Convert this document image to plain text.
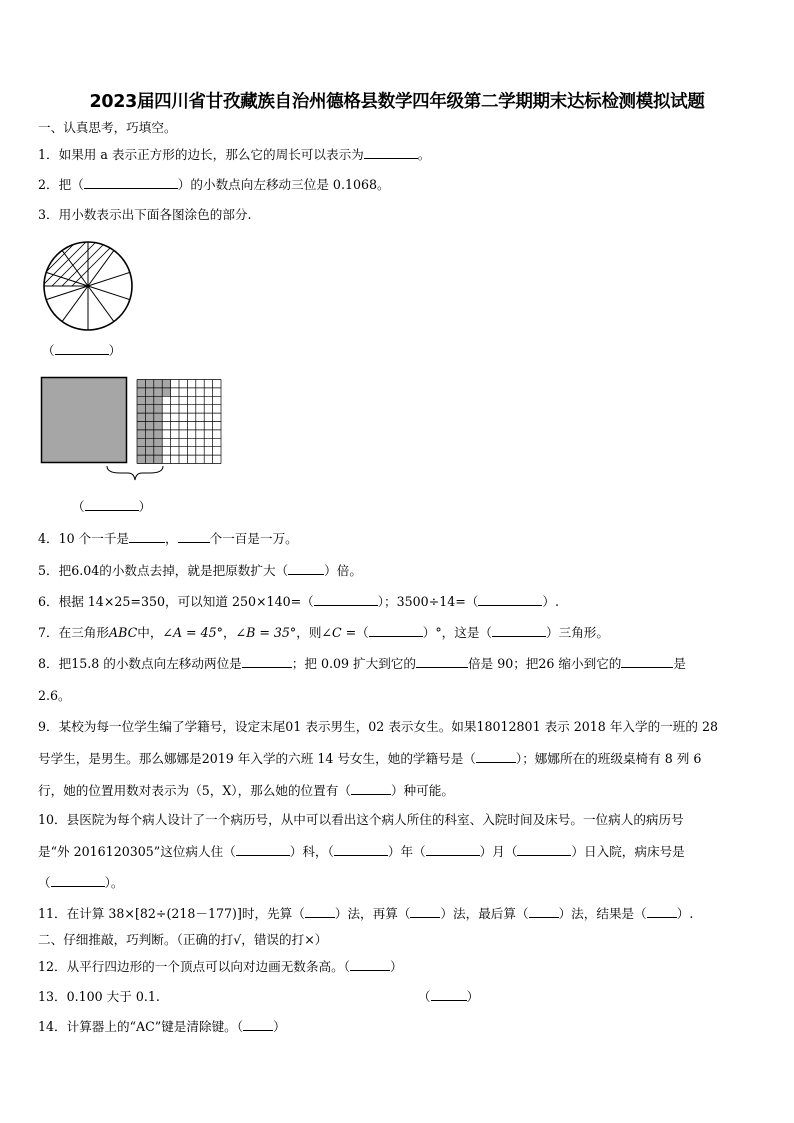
2023届四川省甘孜藏族自治州德格县数学四年级第二学期期末达标检测模拟试题
一、认真思考，巧填空。
1．如果用 a 表示正方形的边长，那么它的周长可以表示为	。
2．把（	）的小数点向左移动三位是 0.1068。
3．用小数表示出下面各图涂色的部分.
（	）
（	）
4．10 个一千是	，	个一百是一万。
5．把6.04的小数点去掉，就是把原数扩大（	）倍。
6．根据 14×25=350，可以知道 250×140=（	）；3500÷14=（	）.
7．在三角形ABC中，∠A = 45°，∠B = 35°，则∠C =（	）°，这是（	）三角形。
8．把15.8 的小数点向左移动两位是	；把 0.09 扩大到它的	倍是 90；把26 缩小到它的	是
2.6。
9．某校为每一位学生编了学籍号，设定末尾01 表示男生，02 表示女生。如果18012801 表示 2018 年入学的一班的 28
号学生，是男生。那么娜娜是2019 年入学的六班 14 号女生，她的学籍号是（	）；娜娜所在的班级桌椅有 8 列 6
行，她的位置用数对表示为（5，X），那么她的位置有（	）种可能。
10．县医院为每个病人设计了一个病历号，从中可以看出这个病人所住的科室、入院时间及床号。一位病人的病历号
是“外 2016120305”这位病人住（	）科，（	）年（	）月（	）日入院，病床号是
（	）。
11．在计算 38×[82÷(218－177)]时，先算（ ）法，再算（ ）法，最后算（ ）法，结果是（ ）.
二、仔细推敲，巧判断。（正确的打√，错误的打×）
12．从平行四边形的一个顶点可以向对边画无数条高。（	）
13．0.100 大于 0.1.	（	）
14．计算器上的“AC”键是清除键。（ ）
